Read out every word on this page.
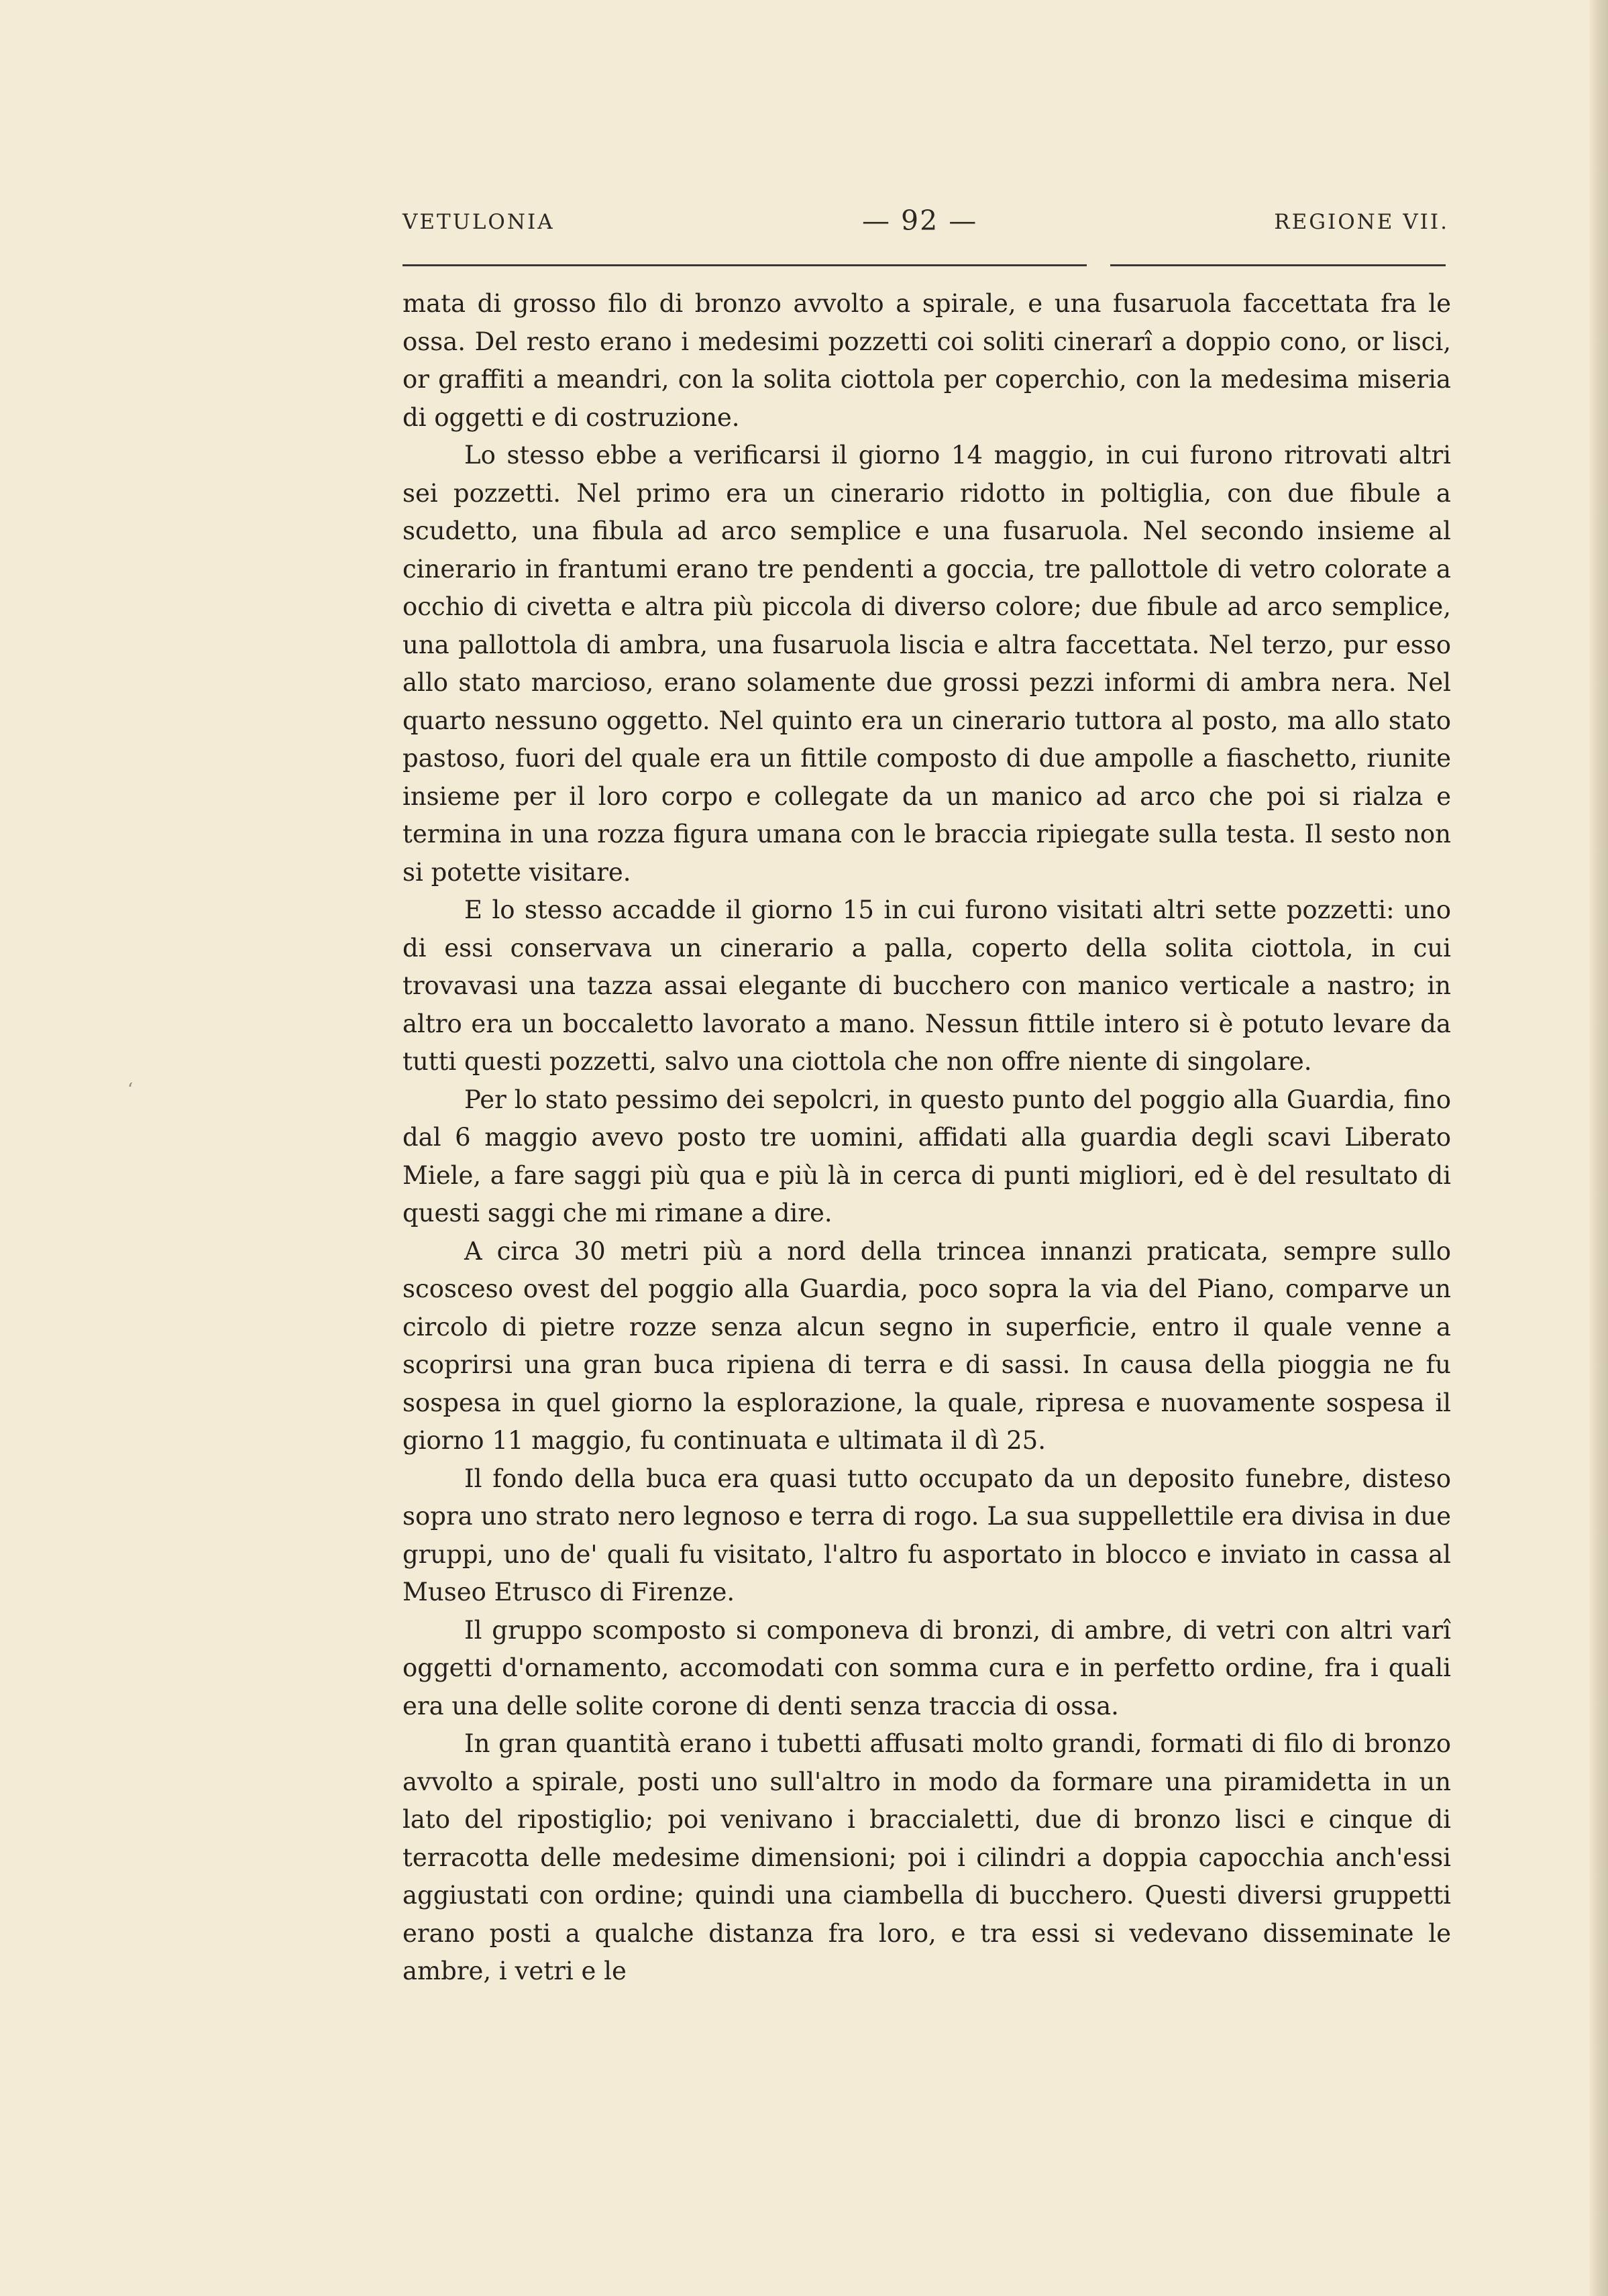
VETULONIA	— 92 —	REGIONE VII.

mata di grosso filo di bronzo avvolto a spirale, e una fusaruola faccettata fra le ossa. Del resto erano i medesimi pozzetti coi soliti cinerarî a doppio cono, or lisci, or graffiti a meandri, con la solita ciottola per coperchio, con la medesima miseria di oggetti e di costruzione.

Lo stesso ebbe a verificarsi il giorno 14 maggio, in cui furono ritrovati altri sei pozzetti. Nel primo era un cinerario ridotto in poltiglia, con due fibule a scudetto, una fibula ad arco semplice e una fusaruola. Nel secondo insieme al cinerario in frantumi erano tre pendenti a goccia, tre pallottole di vetro colorate a occhio di civetta e altra più piccola di diverso colore; due fibule ad arco semplice, una pallottola di ambra, una fusaruola liscia e altra faccettata. Nel terzo, pur esso allo stato marcioso, erano solamente due grossi pezzi informi di ambra nera. Nel quarto nessuno oggetto. Nel quinto era un cinerario tuttora al posto, ma allo stato pastoso, fuori del quale era un fittile composto di due ampolle a fiaschetto, riunite insieme per il loro corpo e collegate da un manico ad arco che poi si rialza e termina in una rozza figura umana con le braccia ripiegate sulla testa. Il sesto non si potette visitare.

E lo stesso accadde il giorno 15 in cui furono visitati altri sette pozzetti: uno di essi conservava un cinerario a palla, coperto della solita ciottola, in cui trovavasi una tazza assai elegante di bucchero con manico verticale a nastro; in altro era un boccaletto lavorato a mano. Nessun fittile intero si è potuto levare da tutti questi pozzetti, salvo una ciottola che non offre niente di singolare.

Per lo stato pessimo dei sepolcri, in questo punto del poggio alla Guardia, fino dal 6 maggio avevo posto tre uomini, affidati alla guardia degli scavi Liberato Miele, a fare saggi più qua e più là in cerca di punti migliori, ed è del resultato di questi saggi che mi rimane a dire.

A circa 30 metri più a nord della trincea innanzi praticata, sempre sullo scosceso ovest del poggio alla Guardia, poco sopra la via del Piano, comparve un circolo di pietre rozze senza alcun segno in superficie, entro il quale venne a scoprirsi una gran buca ripiena di terra e di sassi. In causa della pioggia ne fu sospesa in quel giorno la esplorazione, la quale, ripresa e nuovamente sospesa il giorno 11 maggio, fu continuata e ultimata il dì 25.

Il fondo della buca era quasi tutto occupato da un deposito funebre, disteso sopra uno strato nero legnoso e terra di rogo. La sua suppellettile era divisa in due gruppi, uno de' quali fu visitato, l'altro fu asportato in blocco e inviato in cassa al Museo Etrusco di Firenze.

Il gruppo scomposto si componeva di bronzi, di ambre, di vetri con altri varî oggetti d'ornamento, accomodati con somma cura e in perfetto ordine, fra i quali era una delle solite corone di denti senza traccia di ossa.

In gran quantità erano i tubetti affusati molto grandi, formati di filo di bronzo avvolto a spirale, posti uno sull'altro in modo da formare una piramidetta in un lato del ripostiglio; poi venivano i braccialetti, due di bronzo lisci e cinque di terracotta delle medesime dimensioni; poi i cilindri a doppia capocchia anch'essi aggiustati con ordine; quindi una ciambella di bucchero. Questi diversi gruppetti erano posti a qualche distanza fra loro, e tra essi si vedevano disseminate le ambre, i vetri e le

‘
